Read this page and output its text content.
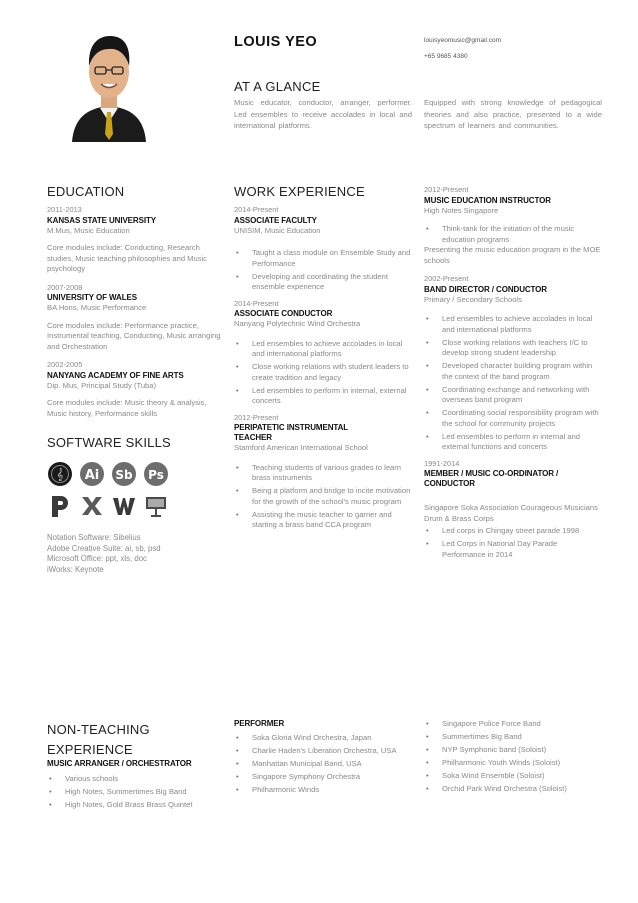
LOUIS YEO	louisyeomusic@gmail.com
+65 9685 4380
AT A GLANCE
Music educator, conductor, arranger, performer. Led ensembles to receive accolades in local and international platforms.
Equipped with strong knowledge of pedagogical theories and also practice, presented to a wide spectrum of learners and communities.
EDUCATION
2011-2013
KANSAS STATE UNIVERSITY
M.Mus, Music Education
Core modules include: Conducting, Research studies, Music teaching philosophies and Music psychology
2007-2008
UNIVERSITY OF WALES
BA Hons, Music Performance
Core modules include: Performance practice, Instrumental teaching, Conducting, Music arranging and Orchestration
2002-2005
NANYANG ACADEMY OF FINE ARTS
Dip. Mus, Principal Study (Tuba)
Core modules include: Music theory & analysis, Music history, Performance skills
SOFTWARE SKILLS
𝄞 Ai Sb Ps
Notation Software: Sibelius
Adobe Creative Suite: ai, sb, psd
Microsoft Office: ppt, xls, doc
iWorks: Keynote
WORK EXPERIENCE
2014-Present
ASSOCIATE FACULTY
UNISIM, Music Education
• Taught a class module on Ensemble Study and Performance
• Developing and coordinating the student ensemble experience
2014-Present
ASSOCIATE CONDUCTOR
Nanyang Polytechnic Wind Orchestra
• Led ensembles to achieve accolades in local and international platforms
• Close working relations with student leaders to create tradition and legacy
• Led ensembles to perform in internal, external concerts
2012-Present
PERIPATETIC INSTRUMENTAL TEACHER
Stamford American International School
• Teaching students of various grades to learn brass instruments
• Being a platform and bridge to incite motivation for the growth of the school's music program
• Assisting the music teacher to garner and starting a brass band CCA program
2012-Present
MUSIC EDUCATION INSTRUCTOR
High Notes Singapore
• Think-tank for the initiation of the music education programs
Presenting the music education program in the MOE schools
2002-Present
BAND DIRECTOR / CONDUCTOR
Primary / Secondary Schools
• Led ensembles to achieve accolades in local and international platforms
• Close working relations with teachers I/C to develop strong student leadership
• Developed character building program within the context of the band program
• Coordinating exchange and networking with overseas band program
• Coordinating social responsibility program with the school for community projects
• Led ensembles to perform in internal and external functions and concerts
1991-2014
MEMBER / MUSIC CO-ORDINATOR / CONDUCTOR
Singapore Soka Association Courageous Musicians Drum & Brass Corps
• Led corps in Chingay street parade 1998
• Led Corps in National Day Parade Performance in 2014
NON-TEACHING EXPERIENCE
MUSIC ARRANGER / ORCHESTRATOR
• Various schools
• High Notes, Summertimes Big Band
• High Notes, Gold Brass Brass Quintet
PERFORMER
• Soka Gloria Wind Orchestra, Japan
• Charlie Haden's Liberation Orchestra, USA
• Manhattan Municipal Band, USA
• Singapore Symphony Orchestra
• Philharmonic Winds
• Singapore Police Force Band
• Summertimes Big Band
• NYP Symphonic band (Soloist)
• Philharmonic Youth Winds (Soloist)
• Soka Wind Ensemble (Soloist)
• Orchid Park Wind Orchestra (Soloist)
